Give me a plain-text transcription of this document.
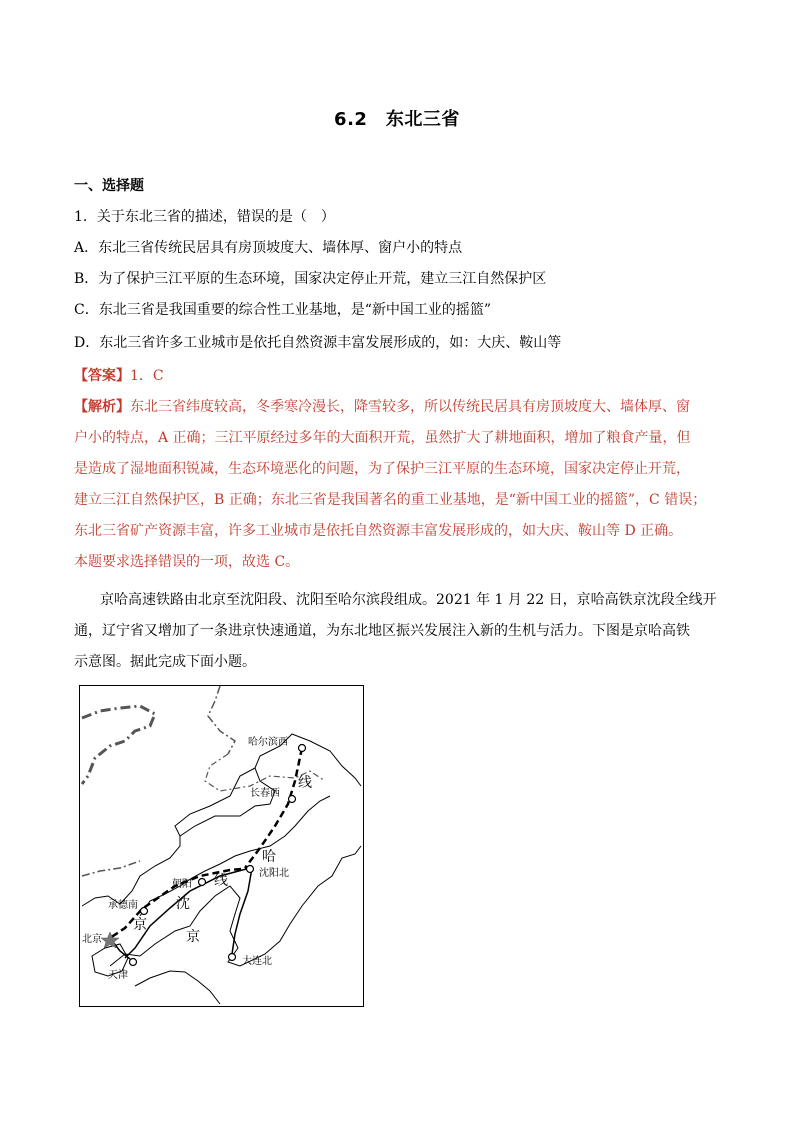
6.2　东北三省
一、选择题
1．关于东北三省的描述，错误的是（　）
A．东北三省传统民居具有房顶坡度大、墙体厚、窗户小的特点
B．为了保护三江平原的生态环境，国家决定停止开荒，建立三江自然保护区
C．东北三省是我国重要的综合性工业基地，是“新中国工业的摇篮”
D．东北三省许多工业城市是依托自然资源丰富发展形成的，如：大庆、鞍山等
【答案】1．C
【解析】东北三省纬度较高，冬季寒冷漫长，降雪较多，所以传统民居具有房顶坡度大、墙体厚、窗
户小的特点，A 正确；三江平原经过多年的大面积开荒，虽然扩大了耕地面积，增加了粮食产量，但
是造成了湿地面积锐减，生态环境恶化的问题，为了保护三江平原的生态环境，国家决定停止开荒，
建立三江自然保护区，B 正确；东北三省是我国著名的重工业基地，是“新中国工业的摇篮”，C 错误；
东北三省矿产资源丰富，许多工业城市是依托自然资源丰富发展形成的，如大庆、鞍山等 D 正确。
本题要求选择错误的一项，故选 C。
京哈高速铁路由北京至沈阳段、沈阳至哈尔滨段组成。2021 年 1 月 22 日，京哈高铁京沈段全线开
通，辽宁省又增加了一条进京快速通道，为东北地区振兴发展注入新的生机与活力。下图是京哈高铁
示意图。据此完成下面小题。
哈尔滨西
长春西
沈阳北
朝阳
承德南
北京
天津
大连北
线
哈
线
沈
京
京
